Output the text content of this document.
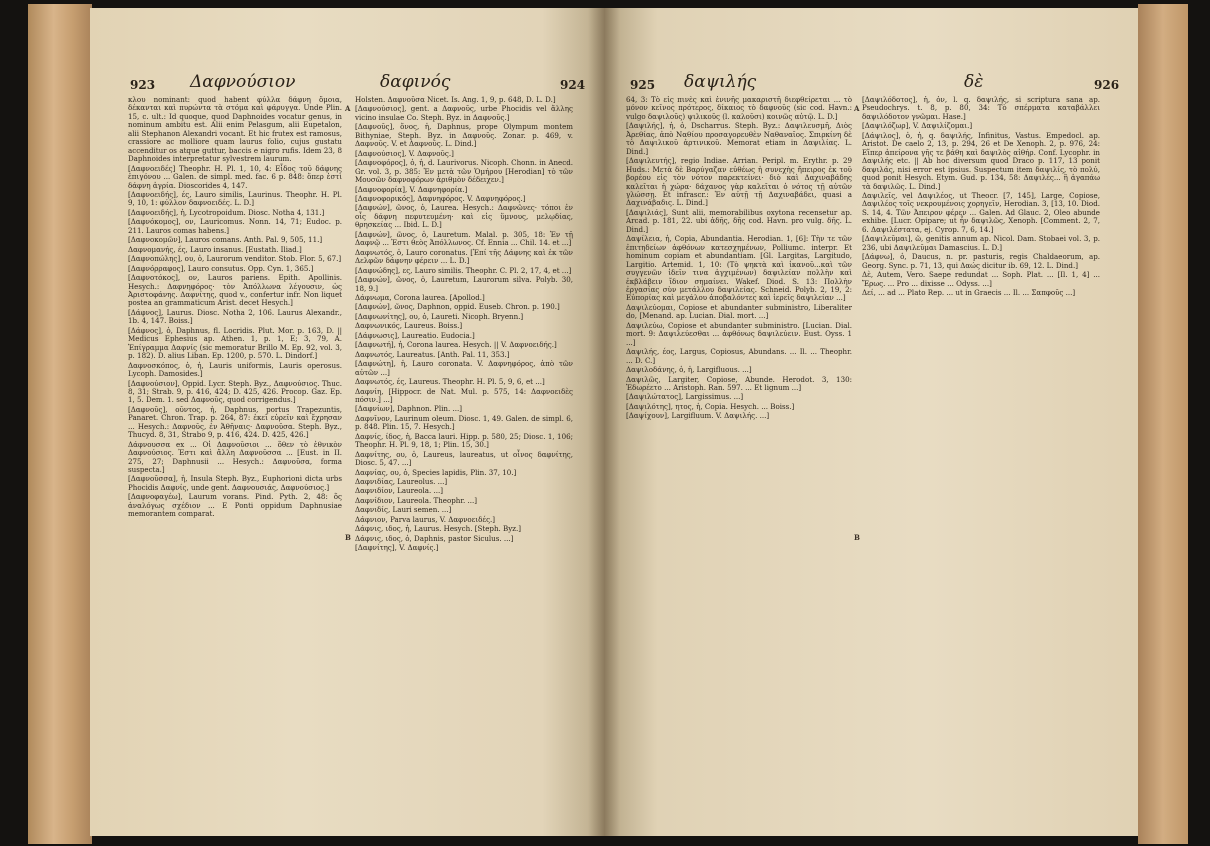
923 Δαφνούσιον	δαφινός	924
A
B
κλου nominant: quod habent φύλλα δάφνη ὅμοια, δέκανται καὶ πυρώντα τὰ στόμα καὶ φάρυγγα. Unde Plin. 15, c. ult.: Id quoque, quod Daphnoides vocatur genus, in nominum ambitu est. Alii enim Pelasgum, alii Eupetalon, alii Stephanon Alexandri vocant. Et hic frutex est ramosus, crassiore ac molliore quam laurus folio, cujus gustatu accenditur os atque guttur, baccis e nigro rufis. Idem 23, 8 Daphnoides interpretatur sylvestrem laurum.
[Δαφνοειδές] Theophr. H. Pl. 1, 10, 4: Εἶδος τοῦ δάφνης ἐπιγόνου ... Galen. de simpl. med. fac. 6 p. 848: ὅπερ ἐστὶ δάφνη ἀγρία. Dioscorides 4, 147.
[Δαφνοειδής], ές, Lauro similis, Laurinus. Theophr. H. Pl. 9, 10, 1: φύλλον δαφνοειδές. L. D.]
[Δαφνοειδής], ἡ, Lycotropoidum. Diosc. Notha 4, 131.]
[Δαφνόκομος], ον, Lauricomus. Nonn. 14, 71; Eudoc. p. 211. Lauros comas habens.]
[Δαφνοκομῶν], Lauros comans. Anth. Pal. 9, 505, 11.]
Δαφνομανής, ές, Lauro insanus. [Eustath. Iliad.]
[Δαφνοπώλης], ου, ὁ, Laurorum venditor. Stob. Flor. 5, 67.]
[Δαφνόρραφος], Lauro consutus. Opp. Cyn. 1, 365.]
[Δαφνοτόκος], ον, Lauros pariens. Epith. Apollinis. Hesych.: Δαφνηφόρος· τὸν Ἀπόλλωνα λέγουσιν, ὡς Ἀριστοφάνης. Δαφνίτης, quod v., confertur infr. Non liquet postea an grammaticum Arist. decet Hesych.]
[Δάφνος], Laurus. Diosc. Notha 2, 106. Laurus Alexandr., 1b. 4, 147. Boiss.]
[Δάφνος], ὁ, Daphnus, fl. Locridis. Plut. Mor. p. 163, D. || Medicus Ephesius ap. Athen. 1, p. 1, E; 3, 79, A. Ἐπίγραμμα Δαφνίς (sic memoratur Brillo M. Ep. 92, vol. 3, p. 182). D. alius Liban. Ep. 1200, p. 570. L. Dindorf.]
Δαφνοσκόπος, ὁ, ἡ, Lauris uniformis, Lauris operosus. Lycoph. Damosides.]
[Δαφνούσιον], Oppid. Lycr. Steph. Byz., Δαφνούσιος. Thuc. 8, 31; Strab. 9, p. 416, 424; D. 425, 426. Procop. Gaz. Ep. 1, 5. Dem. 1. sed Δαφνοῦς, quod corrigendus.]
[Δαφνοῦς], οῦντος, ἡ, Daphnus, portus Trapezuntis, Panaret. Chron. Trap. p. 264, 87: ἐκεῖ εὑρεῖν καὶ ἔχρησαν ... Hesych.: Δαφνοῦς, ἐν Ἀθῆναις· Δαφνοῦσα. Steph. Byz., Thucyd. 8, 31, Strabo 9, p. 416, 424. D. 425, 426.]
Δάφνουσσα ex ... Οἱ Δαφνοῦσιοι ... ὅθεν τὸ ἐθνικὸν Δαφνούσιος. Ἐστι καὶ ἄλλη Δαφνοῦσσα ... [Eust. in II. 275, 27; Daphnusii ... Hesych.: Δαφνοῦσα, forma suspecta.]
[Δαφνοῦσσα], ἡ, Insula Steph. Byz., Euphorioni dicta urbs Phocidis Δαφνίς, unde gent. Δαφνουσιάς, Δαφνούσιος.]
[Δαφνοφαγέω], Laurum vorans. Pind. Pyth. 2, 48: ὅς ἀναλόγως σχέδιον ... E Ponti oppidum Daphnusiae memorantem comparat.
Holsten. Δαφνοῦσα Nicet. Is. Ang. 1, 9, p. 648, D. L. D.]
[Δαφνούσιος], gent. a Δαφνοῦς, urbe Phocidis vel ἄλλης vicino insulae Co. Steph. Byz. in Δαφνοῦς.]
[Δαφνοῦς], ὄνος, ἡ, Daphnus, prope Olympum montem Bithyniae, Steph. Byz. in Δαφνοῦς. Zonar. p. 469, v. Δαφνοῦς. V. et Δαφνοῦς. L. Dind.]
[Δαφνούσιος], V. Δαφνοῦς.]
[Δαφνοφόρος], ὁ, ἡ, d. Laurivorus. Nicoph. Chonn. in Anecd. Gr. vol. 3, p. 385: Ἐν μετὰ τῶν Ὁμήρου [Herodian] τὸ τῶν Μουσῶν δαφνοφόρων ἀριθμὸν δέδειχεν.]
[Δαφνοφορία], V. Δαφνηφορία.]
[Δαφνοφορικός], Δαφνηφόρος. V. Δαφνηφόρος.]
[Δαφνών], ῶνος, ὁ, Laurea. Hesych.: Δαφνῶνες· τόποι ἐν οἷς δάφνη πεφυτευμένη· καὶ εἰς ὕμνους, μελῳδίας, θρησκείας ... Ibid. L. D.]
[Δαφνών], ῶνος, ὁ, Lauretum. Malal. p. 305, 18: Ἐν τῇ Δαφνῷ ... Ἐστι θεὸς Ἀπόλλωνος. Cf. Ennia ... Chil. 14. et ...]
Δαφνωτός, ὁ, Lauro coronatus. [Ἐπί τῆς Δάφνης καὶ ἐκ τῶν Δελφῶν δάφνην φέρειν ... L. D.]
[Δαφνώδης], ες, Lauro similis. Theophr. C. Pl. 2, 17, 4, et ...]
[Δαφνών], ῶνος, ὁ, Lauretum, Laurorum silva. Polyb. 30, 18, 9.]
Δάφνωμα, Corona laurea. [Apollod.]
[Δαφνών], ῶνος, Daphnon, oppid. Euseb. Chron. p. 190.]
[Δαφνωνίτης], ου, ὁ, Laureti. Nicoph. Bryenn.]
Δαφνωνικός, Laureus. Boiss.]
[Δάφνωσις], Laureatio. Eudocia.]
[Δαφνωτή], ἡ, Corona laurea. Hesych. || V. Δαφνοειδής.]
Δαφνωτός, Laureatus. [Anth. Pal. 11, 353.]
[Δαφνώτη], ἡ, Lauro coronata. V. Δαφνηφόρος, ἀπὸ τῶν αὐτῶν ...]
Δαφνωτός, ές, Laureus. Theophr. H. Pl. 5, 9, 6, et ...]
Δαφνίη, [Hippocr. de Nat. Mul. p. 575, 14: Δαφνοειδὲς πόσιν.] ...]
[Δαφνίων], Daphnon. Plin. ...]
Δαφνῖνον, Laurinum oleum. Diosc. 1, 49. Galen. de simpl. 6, p. 848. Plin. 15, 7. Hesych.]
Δαφνίς, ίδος, ἡ, Bacca lauri. Hipp. p. 580, 25; Diosc. 1, 106; Theophr. H. Pl. 9, 18, 1; Plin. 15, 30.]
Δαφνίτης, ου, ὁ, Laureus, laureatus, ut οἶνος δαφνίτης, Diosc. 5, 47. ...]
Δαφνίας, ου, ὁ, Species lapidis, Plin. 37, 10.]
Δαφνιδίας, Laureolus. ...]
Δαφνιδίον, Laureola. ...]
Δαφνίδιον, Laureola. Theophr. ...]
Δαφνιδίς, Lauri semen. ...]
Δάφνιον, Parva laurus, V. Δαφνοειδές.]
Δάφνις, ιδος, ἡ, Laurus. Hesych. [Steph. Byz.]
Δάφνις, ιδος, ὁ, Daphnis, pastor Siculus. ...]
[Δαφνίτης], V. Δαφνίς.]
925 δαψιλής	δὲ	926
A
B
64, 3: Τὸ εἰς πινὲς καὶ ἐνινῆς μακαριστῆ διεφθείρεται ... τὸ μόνον κεῖνος πρότερος, δίκαιος τὸ δαφνοῦς (sic cod. Havn.: vulgo δαψιλοῦς) ψιλικοῦς (l. καλοῦσι) κοινῶς αὐτῷ. L. D.]
[Δαψιλής], ἡ, ὁ, Dscharrus. Steph. Byz.: Δαψιλευσμῆ, Διὸς Ἀρεθίας, ἀπὸ Ναθίου προσαγορευθὲν Ναθαναῖος. Σπιρκίνη δὲ τὸ Δαψιλικοῦ ἀρτινικοῦ. Memorat etiam in Δαψιλίας. L. Dind.]
[Δαψιλευτής], regio Indiae. Arrian. Peripl. m. Erythr. p. 29 Huds.: Μετὰ δὲ Βαρύγαζαν εὐθέως ἡ συνεχὴς ἤπειρος ἐκ τοῦ βορέου εἰς τὸν νότον παρεκτείνει· διὸ καὶ Δαχιναβάδης καλεῖται ἡ χώρα· δάχανος γὰρ καλεῖται ὁ νότος τῇ αὐτῶν γλώσσῃ. Et infrascr.: Ἐν αὐτῇ τῇ Δαχιναβάδει, quasi a Δαχινάβαδις. L. Dind.]
[Δαψιλιάς], Sunt alii, memorabilibus oxytona recensetur ap. Arcad. p. 181, 22. ubi ἀδῆς, δῆς cod. Havn. pro vulg. δῆς. L. Dind.]
Δαψίλεια, ἡ, Copia, Abundantia. Herodian. 1, [6]: Τὴν τε τῶν ἐπιτηδείων ἀφθόνων κατεσχημένων, Polliumc. interpr. Et hominum copiam et abundantiam. [Gl. Largitas, Largitudo, Largitio. Artemid. 1, 10: (Τὸ ψηκτὰ καὶ ἱκανοῦ...καὶ τῶν συγγενῶν ἰδεῖν τινα ἀγχιμένων) δαψιλείαν πολλὴν καὶ ἐκβλάβειν ἴδιον σημαίνει. Wakef. Diod. S. 13: Πολλὴν ἐργασίας σὺν μετάλλου δαψιλείας. Schneid. Polyb. 2, 19, 2: Εὐπορίας καὶ μεγάλου ἀποβαλόντες καὶ ἱερεῖς δαψιλείαν ...]
Δαψιλεύομαι, Copiose et abundanter subministro, Liberaliter do, [Menand. ap. Lucian. Dial. mort. ...]
Δαψιλεύω, Copiose et abundanter subministro. [Lucian. Dial. mort. 9: Δαψιλεύεσθαι ... ἀφθόνως δαψιλεύειν. Eust. Oyss. 1 ...]
Δαψιλής, έος, Largus, Copiosus, Abundans. ... Il. ... Theophr. ... D. C.]
Δαψιλοδάνης, ὁ, ἡ, Largifluous. ...]
Δαψιλῶς, Largiter, Copiose, Abunde. Herodot. 3, 130: Ἐδωρέετο ... Aristoph. Ran. 597. ... Et lignum ...]
[Δαψιλώτατος], Largissimus. ...]
[Δαψιλότης], ητος, ἡ, Copia. Hesych. ... Boiss.]
[Δαψίχουν], Largifluum. V. Δαψιλής. ...]
[Δαψιλόδοτος], ἡ, ὁν, l. q. δαψιλής, si scriptura sana ap. Pseudochrys. t. 8, p. 80, 34: Τὸ σπέρματα καταβάλλει δαψιλόδοτον γνῶμαι. Hase.]
[Δαψιλόζωρ], V. Δαψιλίζομαι.]
[Δάψιλος], ὁ, ἡ, q. δαψιλής, Infinitus, Vastus. Empedocl. ap. Aristot. De caelo 2, 13, p. 294, 26 et De Xenoph. 2, p. 976, 24: Εἴπερ ἀπείρονα γῆς τε βάθη καὶ δαψιλὸς αἰθήρ. Conf. Lycophr. in Δαψιλής etc. || Ab hoc diversum quod Draco p. 117, 13 ponit δαψιλάς, nisi error est ipsius. Suspectum item δαψιλίς, τὸ πολύ, quod ponit Hesych. Etym. Gud. p. 134, 58: Δαψιλές... ἢ ἀγαπάω τὰ δαψιλῶς. L. Dind.]
Δαψιλεῖς, vel Δαψιλέος, ut Theocr. [7, 145], Large, Copiose, Δαψιλέος τοῖς νεκρουμένοις χορηγεῖν, Herodian. 3, [13, 10. Diod. S. 14, 4. Τῶν Ἀπειρον φέρεν ... Galen. Ad Glauc. 2, Oleo abunde exhibe. [Lucr. Opipare; ut ἦν δαψιλῶς, Xenoph. [Comment. 2, 7, 6. Δαψιλέστατα, ej. Cyrop. 7, 6, 14.]
[Δαψιλεῦμαι], ῶ, genitis annum ap. Nicol. Dam. Stobaei vol. 3, p. 236, ubi Δαψιλεῦμαι Damascius. L. D.]
[Δάφνω], ὁ, Daucus, n. pr. pasturis, regis Chaldaeorum, ap. Georg. Sync. p. 71, 13, qui Δαώς dicitur ib. 69, 12. L. Dind.]
Δὲ, Autem, Vero. Saepe redundat ... Soph. Plat. ... [Il. 1, 4] ... Ἔρως. ... Pro ... dixisse ... Odyss. ...]
Δεί, ... ad ... Plato Rep. ... ut in Graecis ... Il. ... Σαπφοῦς ...]
